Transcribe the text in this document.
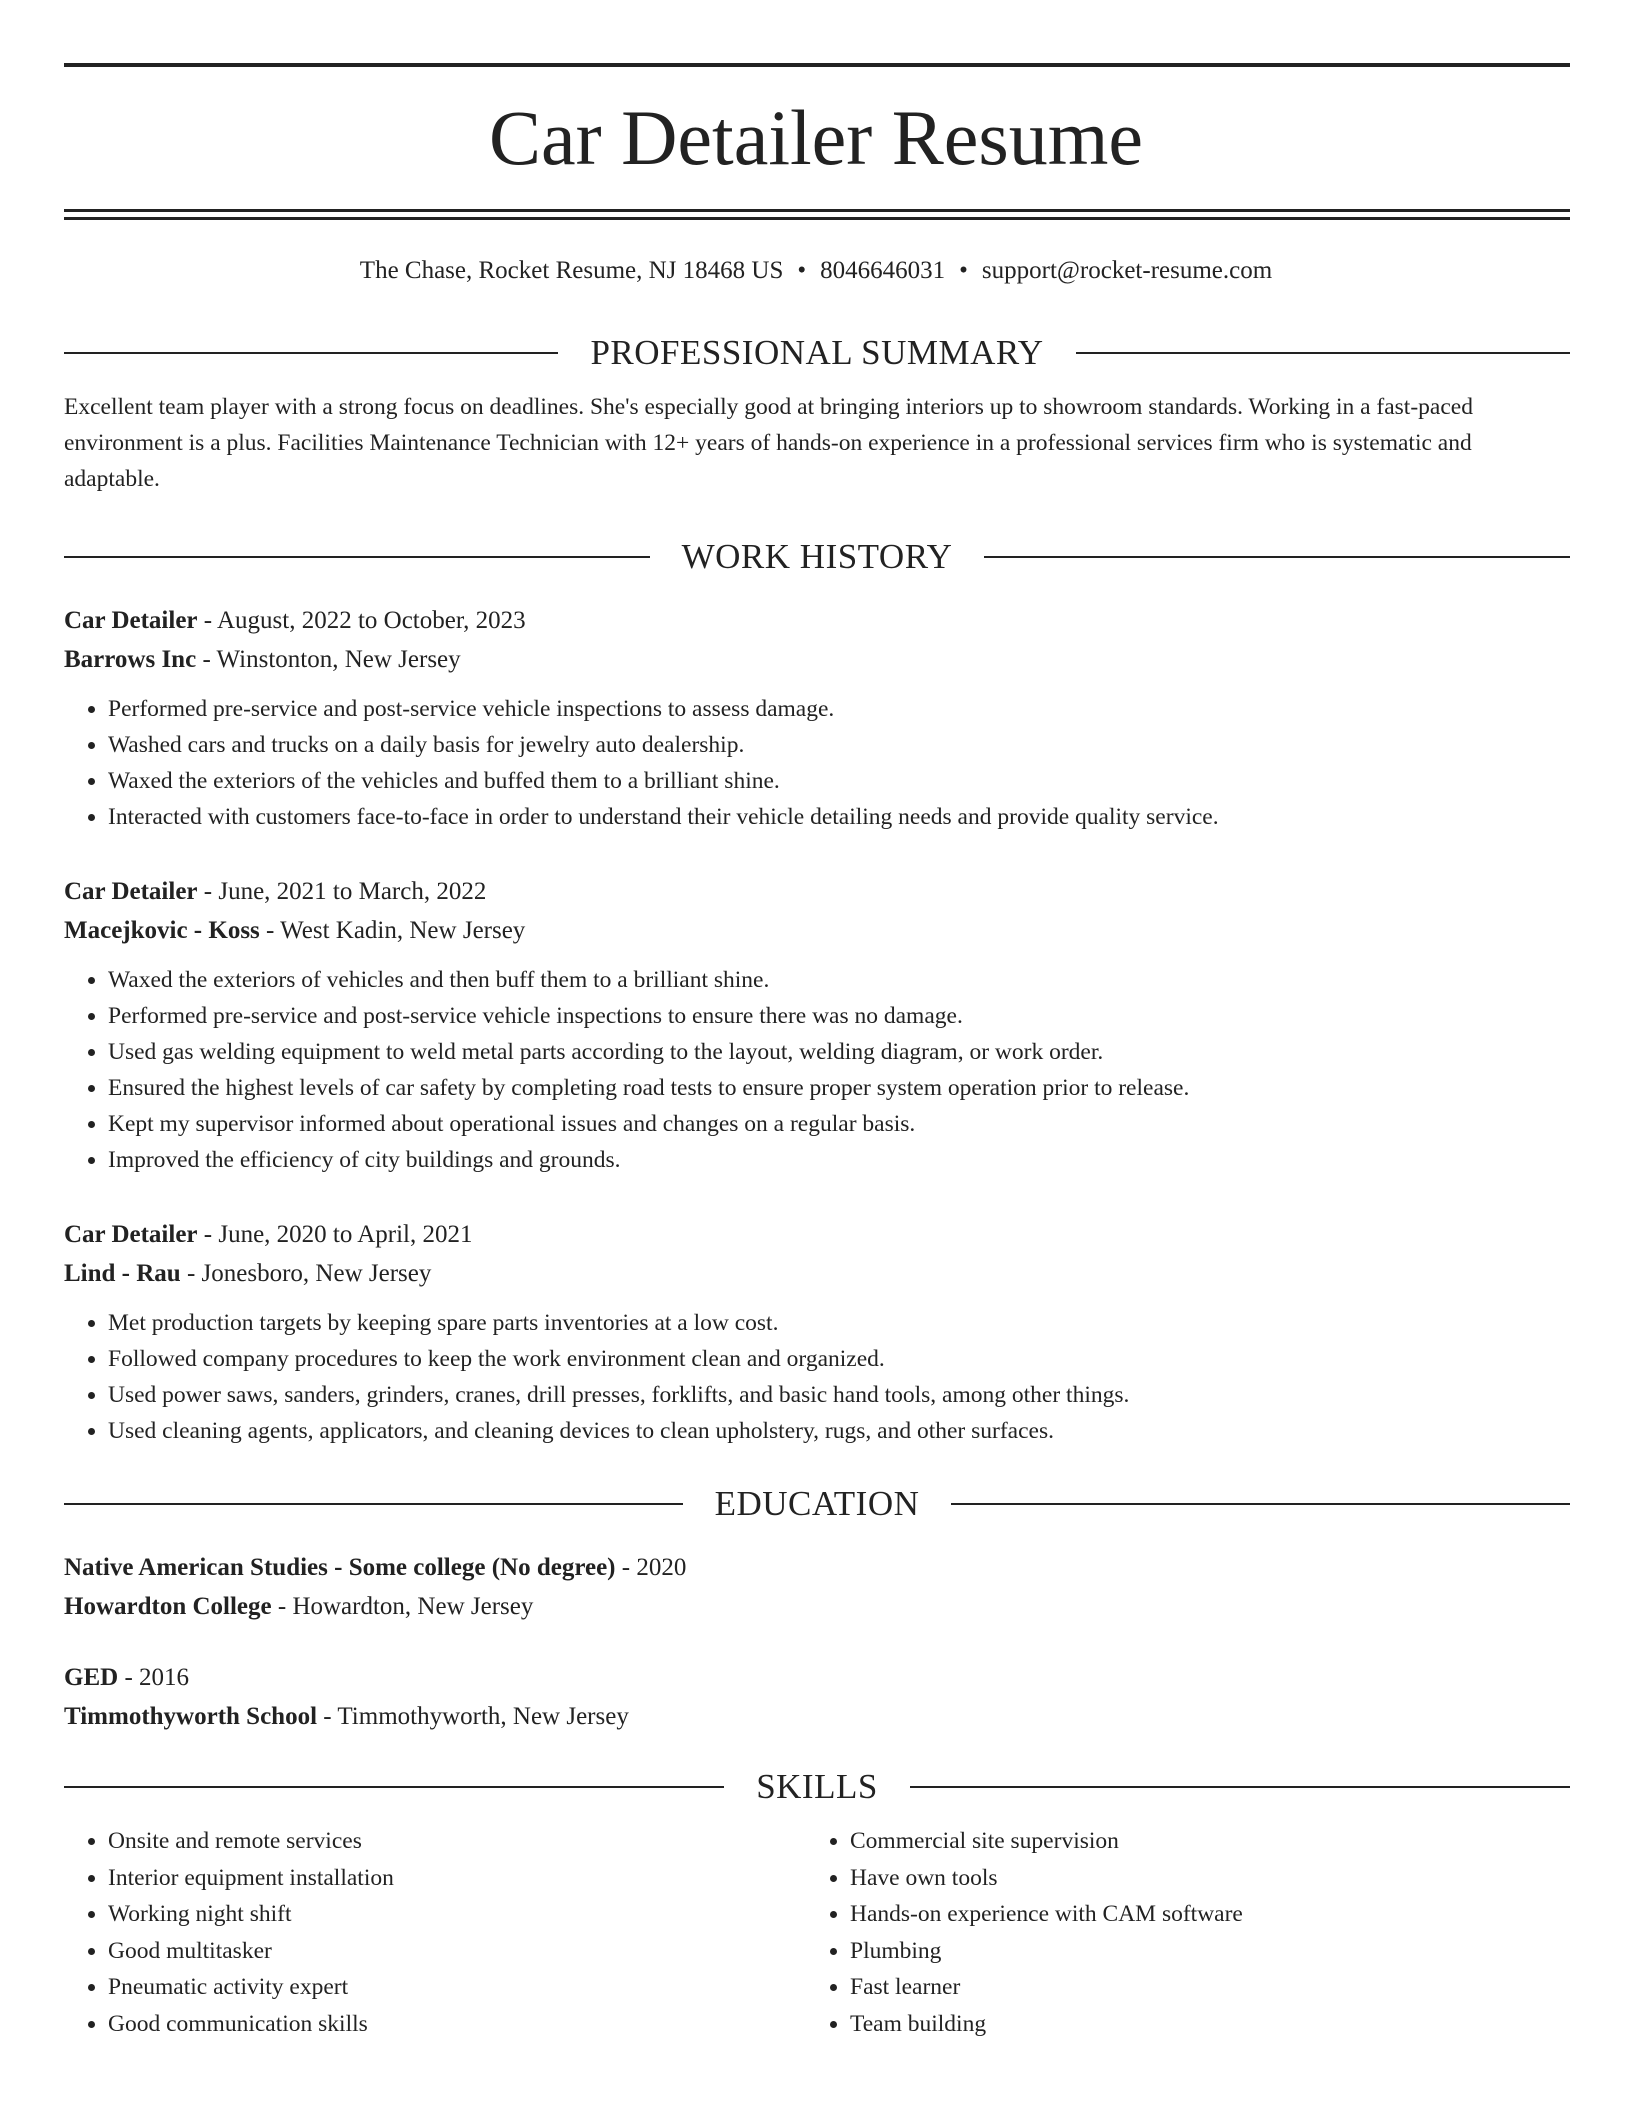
Car Detailer Resume
The Chase, Rocket Resume, NJ 18468 US • 8046646031 • support@rocket-resume.com
PROFESSIONAL SUMMARY

Excellent team player with a strong focus on deadlines. She's especially good at bringing interiors up to showroom standards. Working in a fast-paced environment is a plus. Facilities Maintenance Technician with 12+ years of hands-on experience in a professional services firm who is systematic and adaptable.

WORK HISTORY

Car Detailer - August, 2022 to October, 2023

Barrows Inc - Winstonton, New Jersey

• Performed pre-service and post-service vehicle inspections to assess damage.
• Washed cars and trucks on a daily basis for jewelry auto dealership.
• Waxed the exteriors of the vehicles and buffed them to a brilliant shine.
• Interacted with customers face-to-face in order to understand their vehicle detailing needs and provide quality service.

Car Detailer - June, 2021 to March, 2022

Macejkovic - Koss - West Kadin, New Jersey

• Waxed the exteriors of vehicles and then buff them to a brilliant shine.
• Performed pre-service and post-service vehicle inspections to ensure there was no damage.
• Used gas welding equipment to weld metal parts according to the layout, welding diagram, or work order.
• Ensured the highest levels of car safety by completing road tests to ensure proper system operation prior to release.
• Kept my supervisor informed about operational issues and changes on a regular basis.
• Improved the efficiency of city buildings and grounds.

Car Detailer - June, 2020 to April, 2021

Lind - Rau - Jonesboro, New Jersey

• Met production targets by keeping spare parts inventories at a low cost.
• Followed company procedures to keep the work environment clean and organized.
• Used power saws, sanders, grinders, cranes, drill presses, forklifts, and basic hand tools, among other things.
• Used cleaning agents, applicators, and cleaning devices to clean upholstery, rugs, and other surfaces.
EDUCATION

Native American Studies - Some college (No degree) - 2020

Howardton College - Howardton, New Jersey

GED - 2016

Timmothyworth School - Timmothyworth, New Jersey

SKILLS
• Onsite and remote services
• Interior equipment installation
• Working night shift
• Good multitasker
• Pneumatic activity expert
• Good communication skills
• Commercial site supervision
• Have own tools
• Hands-on experience with CAM software
• Plumbing
• Fast learner
• Team building
